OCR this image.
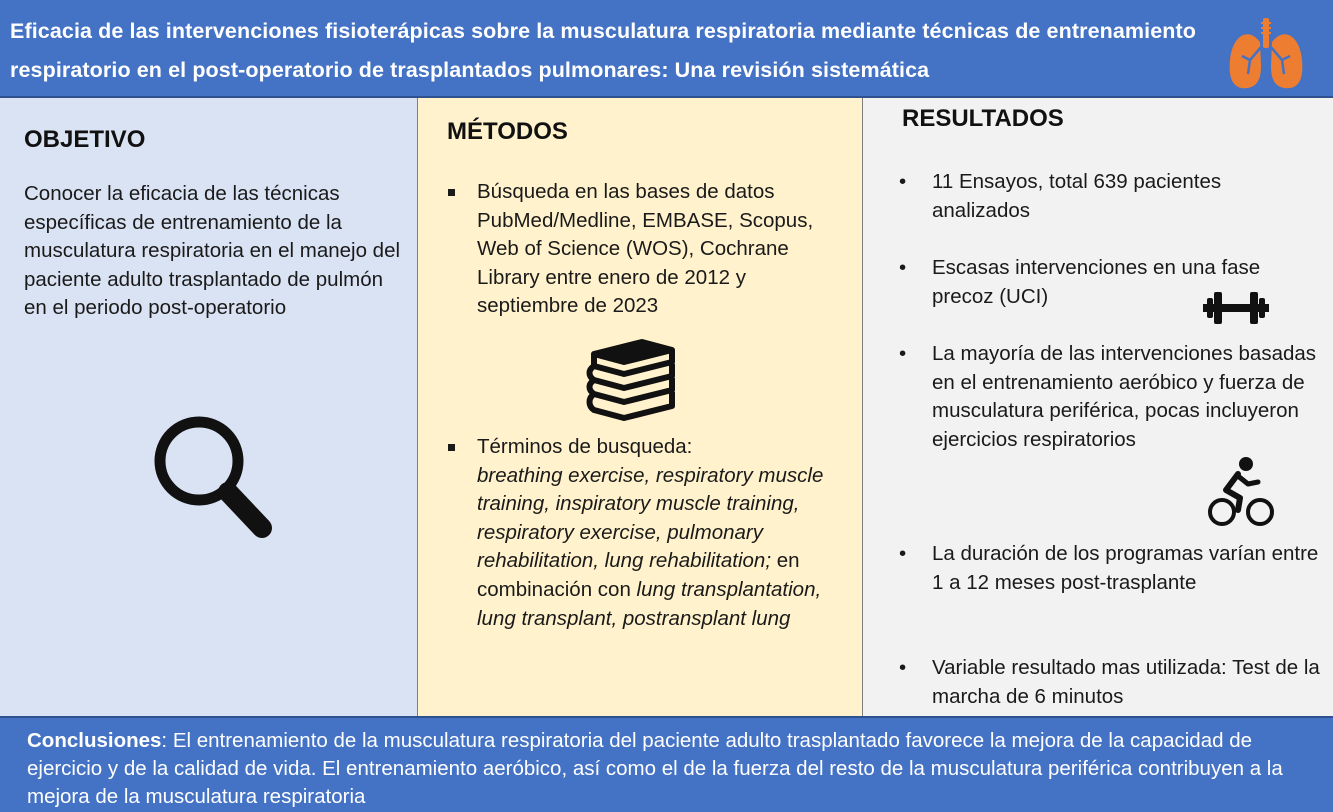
Eficacia de las intervenciones fisioterápicas sobre la musculatura respiratoria mediante técnicas de entrenamiento respiratorio en el post-operatorio de trasplantados pulmonares: Una revisión sistemática
OBJETIVO
Conocer la eficacia de las técnicas específicas de entrenamiento de la musculatura respiratoria en el manejo del paciente adulto trasplantado de pulmón en el periodo post-operatorio
MÉTODOS
Búsqueda en las bases de datos PubMed/Medline, EMBASE, Scopus, Web of Science (WOS), Cochrane Library entre enero de 2012 y septiembre de 2023
Términos de busqueda:
breathing exercise, respiratory muscle training, inspiratory muscle training, respiratory exercise, pulmonary rehabilitation, lung rehabilitation; en combinación con lung transplantation, lung transplant, postransplant lung
RESULTADOS
• 11 Ensayos, total 639 pacientes analizados
• Escasas intervenciones en una fase precoz (UCI)
• La mayoría de las intervenciones basadas en el entrenamiento aeróbico y fuerza de musculatura periférica, pocas incluyeron ejercicios respiratorios
• La duración de los programas varían entre 1 a 12 meses post-trasplante
• Variable resultado mas utilizada: Test de la marcha de 6 minutos
Conclusiones: El entrenamiento de la musculatura respiratoria del paciente adulto trasplantado favorece la mejora de la capacidad de ejercicio y de la calidad de vida. El entrenamiento aeróbico, así como el de la fuerza del resto de la musculatura periférica contribuyen a la mejora de la musculatura respiratoria
